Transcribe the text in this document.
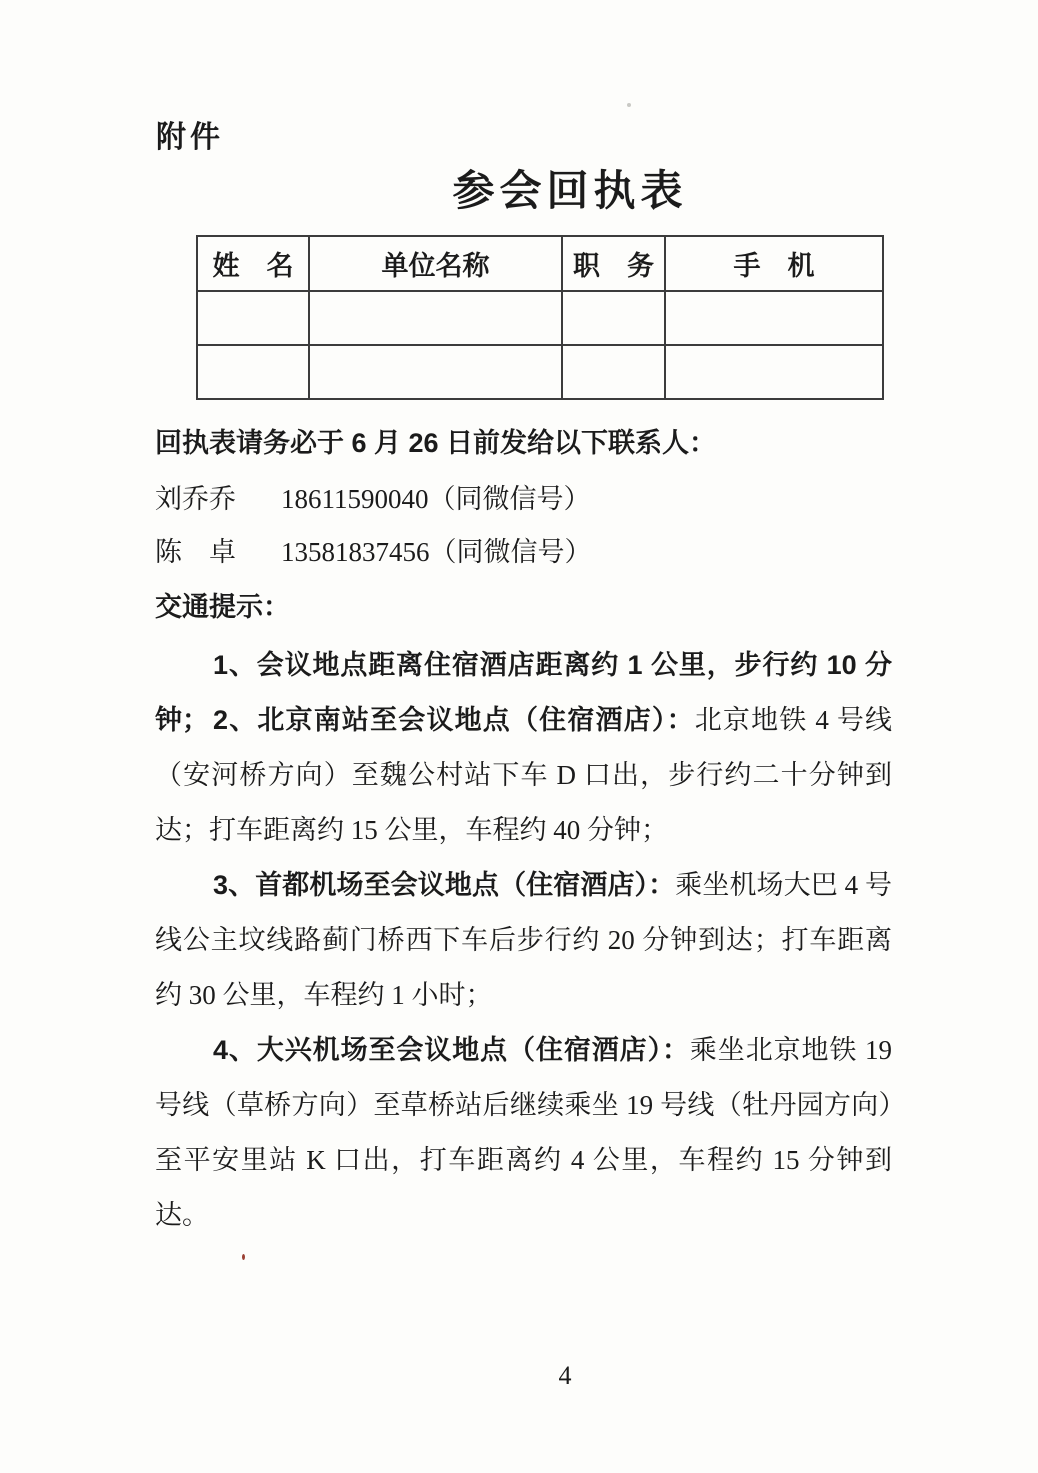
附件
参会回执表
姓　名	单位名称	职　务	手　机

回执表请务必于 6 月 26 日前发给以下联系人：
刘乔乔 18611590040（同微信号）
陈　卓 13581837456（同微信号）
交通提示：

1、会议地点距离住宿酒店距离约 1 公里，步行约 10 分钟； 2、北京南站至会议地点（住宿酒店）：北京地铁 4 号线（安河桥方向）至魏公村站下车 D 口出，步行约二十分钟到达；打车距离约 15 公里，车程约 40 分钟；

3、首都机场至会议地点（住宿酒店）：乘坐机场大巴 4 号线公主坟线路蓟门桥西下车后步行约 20 分钟到达；打车距离约 30 公里，车程约 1 小时；

4、大兴机场至会议地点（住宿酒店）：乘坐北京地铁 19 号线（草桥方向）至草桥站后继续乘坐 19 号线（牡丹园方向）至平安里站 K 口出，打车距离约 4 公里，车程约 15 分钟到达。

4
